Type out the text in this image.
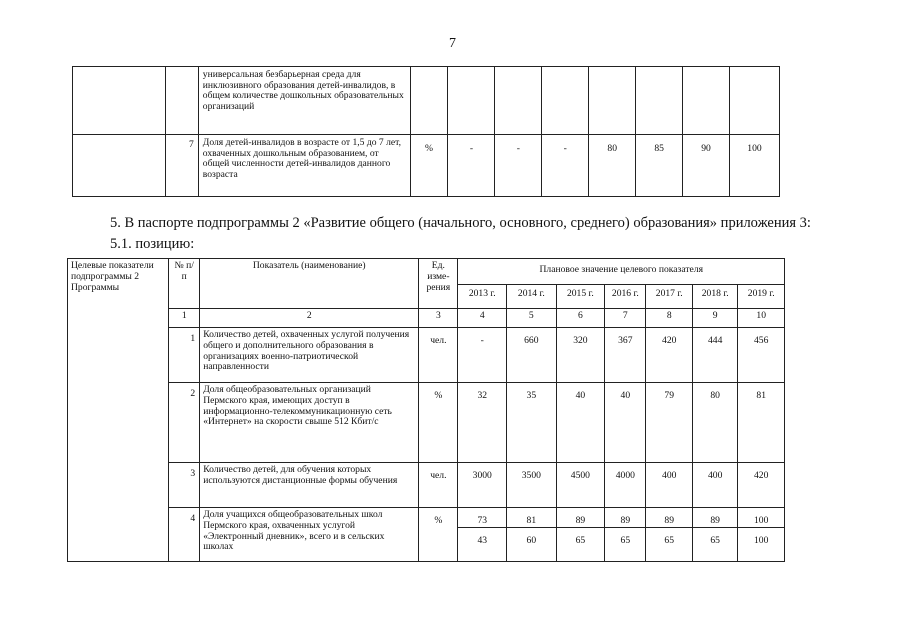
7
		универсальная безбарьерная среда для инклюзивного образования детей-инвалидов, в общем количестве дошкольных образовательных организаций								
	7	Доля детей-инвалидов в возрасте от 1,5 до 7 лет, охваченных дошкольным образованием, от общей численности детей-инвалидов данного возраста	%	-	-	-	80	85	90	100
5. В паспорте подпрограммы 2 «Развитие общего (начального, основного, среднего) образования» приложения 3:
5.1. позицию:
Целевые показатели подпрограммы 2 Программы	№ п/п	Показатель (наименование)	Ед. изме- рения	Плановое значение целевого показателя						
				2013 г.	2014 г.	2015 г.	2016 г.	2017 г.	2018 г.	2019 г.
	1	2	3	4	5	6	7	8	9	10
	1	Количество детей, охваченных услугой получения общего и дополнительного образования в организациях военно-патриотической направленности	чел.	-	660	320	367	420	444	456
	2	Доля общеобразовательных организаций Пермского края, имеющих доступ в информационно-телекоммуникационную сеть «Интернет» на скорости свыше 512 Кбит/с	%	32	35	40	40	79	80	81
	3	Количество детей, для обучения которых используются дистанционные формы обучения	чел.	3000	3500	4500	4000	400	400	420
	4	Доля учащихся общеобразовательных школ Пермского края, охваченных услугой «Электронный дневник», всего и в сельских школах	%	73	81	89	89	89	89	100
				43	60	65	65	65	65	100
